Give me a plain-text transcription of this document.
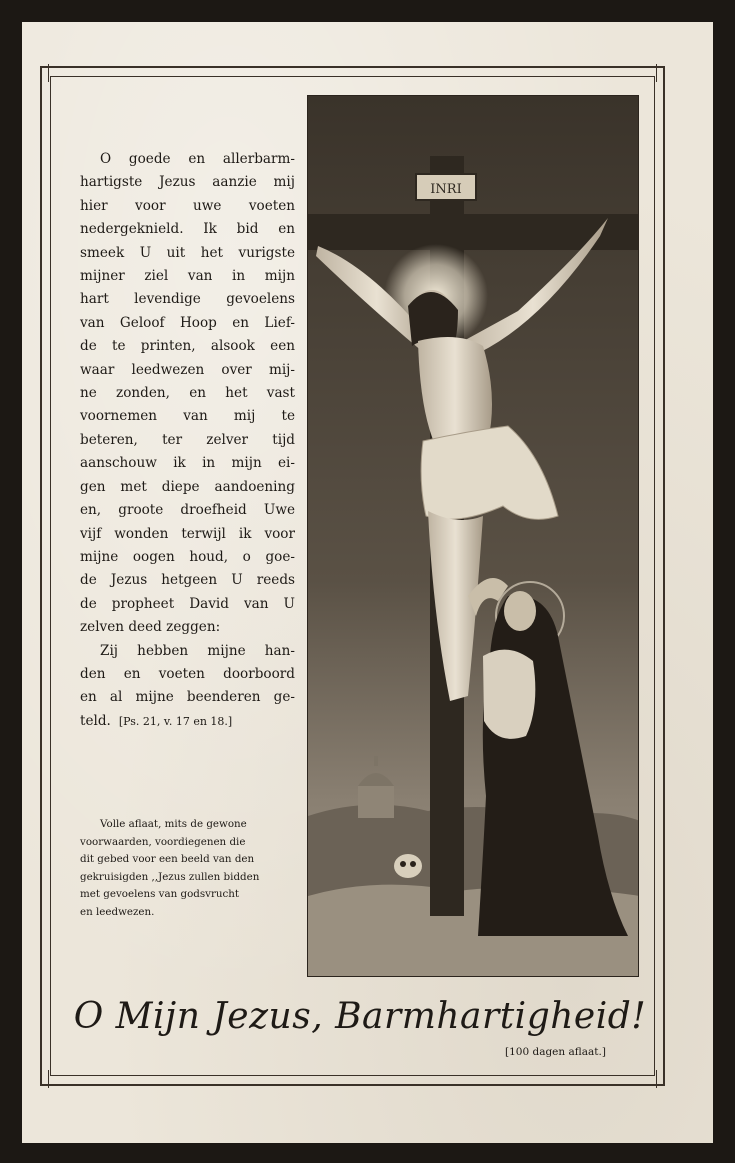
O goede en allerbarm-
hartigste Jezus aanzie mij
hier voor uwe voeten
nedergeknield. Ik bid en
smeek U uit het vurigste
mijner ziel van in mijn
hart levendige gevoelens
van Geloof Hoop en Lief-
de te printen, alsook een
waar leedwezen over mij-
ne zonden, en het vast
voornemen van mij te
beteren, ter zelver tijd
aanschouw ik in mijn ei-
gen met diepe aandoening
en, groote droefheid Uwe
vijf wonden terwijl ik voor
mijne oogen houd, o goe-
de Jezus hetgeen U reeds
de propheet David van U
zelven deed zeggen:
Zij hebben mijne han-
den en voeten doorboord
en al mijne beenderen ge-
teld. [Ps. 21, v. 17 en 18.]
Volle aflaat, mits de gewone
voorwaarden, voordiegenen die
dit gebed voor een beeld van den
gekruisigden ,,Jezus zullen bidden
met gevoelens van godsvrucht
en leedwezen.
INRI
O Mijn Jezus, Barmhartigheid!
[100 dagen aflaat.]
